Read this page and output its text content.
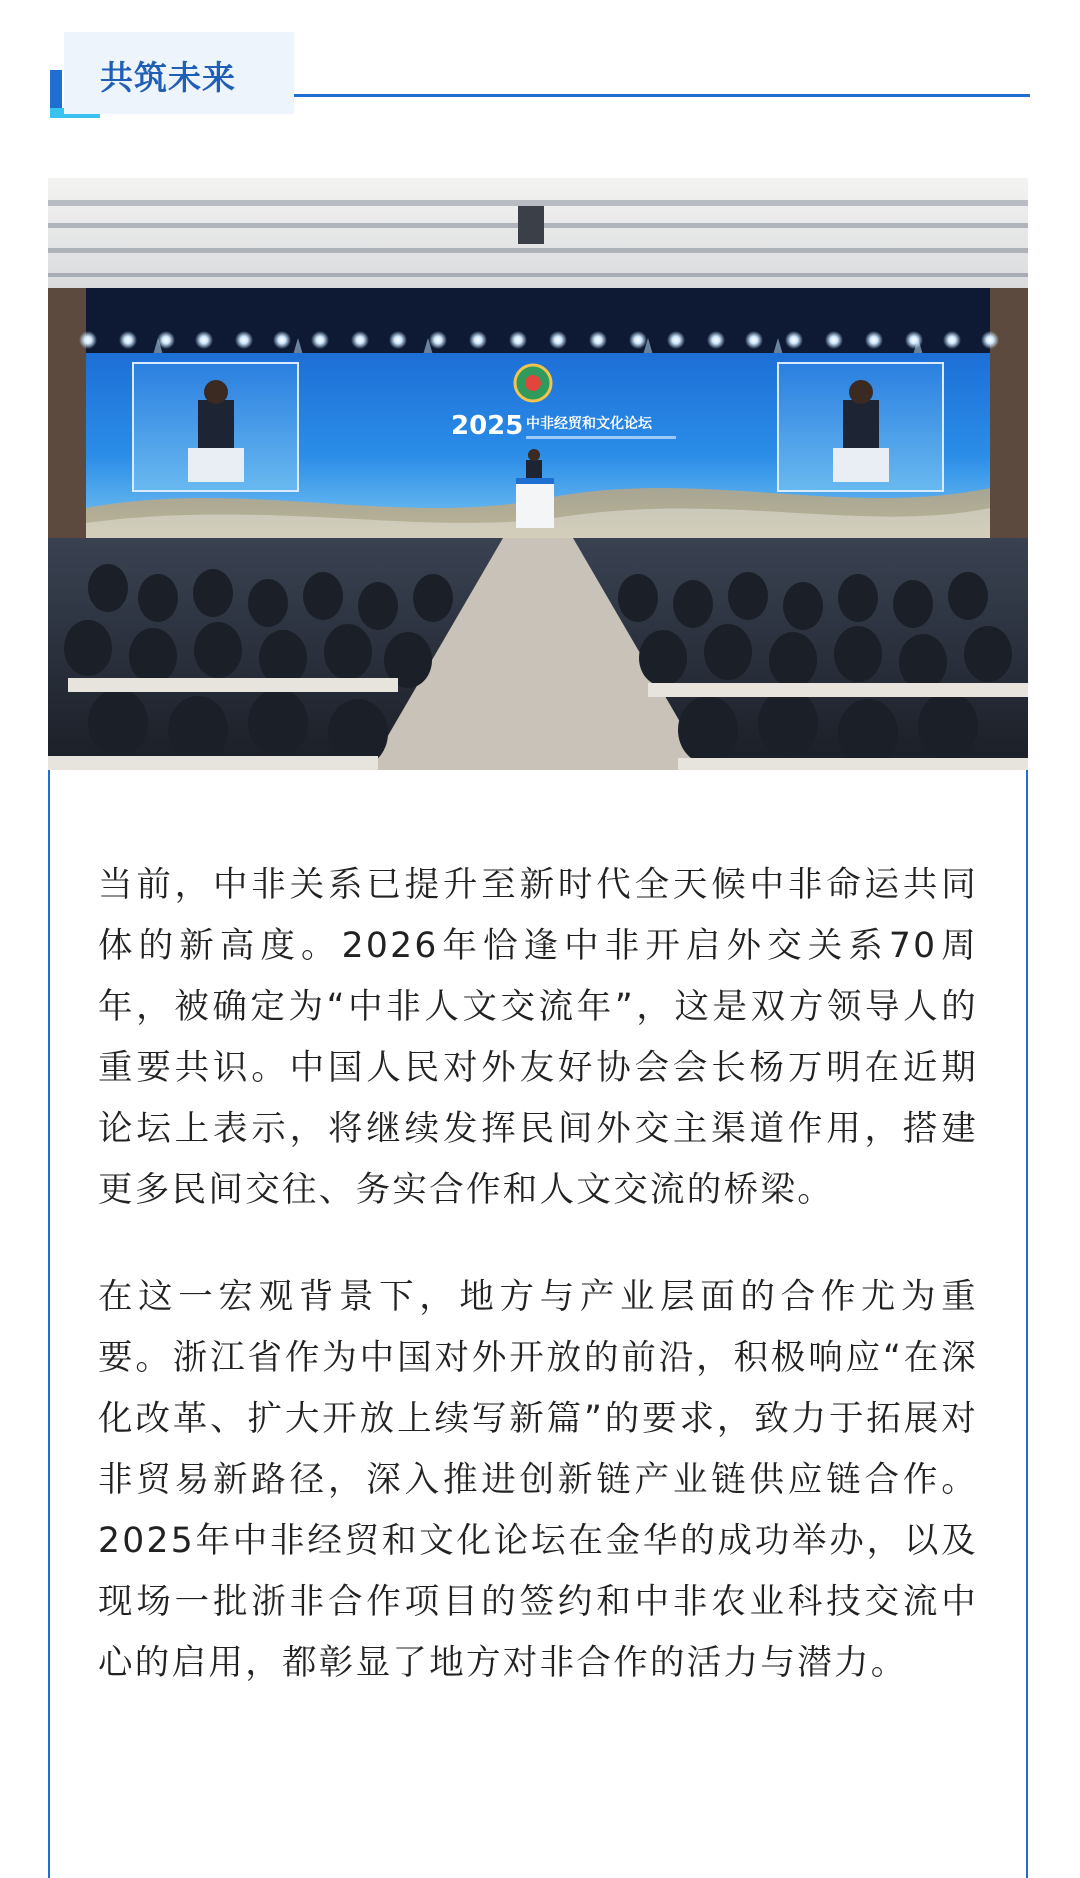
共筑未来
2025 中非经贸和文化论坛

当前，中非关系已提升至新时代全天候中非命运共同体的新高度。2026年恰逢中非开启外交关系70周年，被确定为“中非人文交流年”，这是双方领导人的重要共识。中国人民对外友好协会会长杨万明在近期论坛上表示，将继续发挥民间外交主渠道作用，搭建更多民间交往、务实合作和人文交流的桥梁。

在这一宏观背景下，地方与产业层面的合作尤为重要。浙江省作为中国对外开放的前沿，积极响应“在深化改革、扩大开放上续写新篇”的要求，致力于拓展对非贸易新路径，深入推进创新链产业链供应链合作。2025年中非经贸和文化论坛在金华的成功举办，以及现场一批浙非合作项目的签约和中非农业科技交流中心的启用，都彰显了地方对非合作的活力与潜力。
